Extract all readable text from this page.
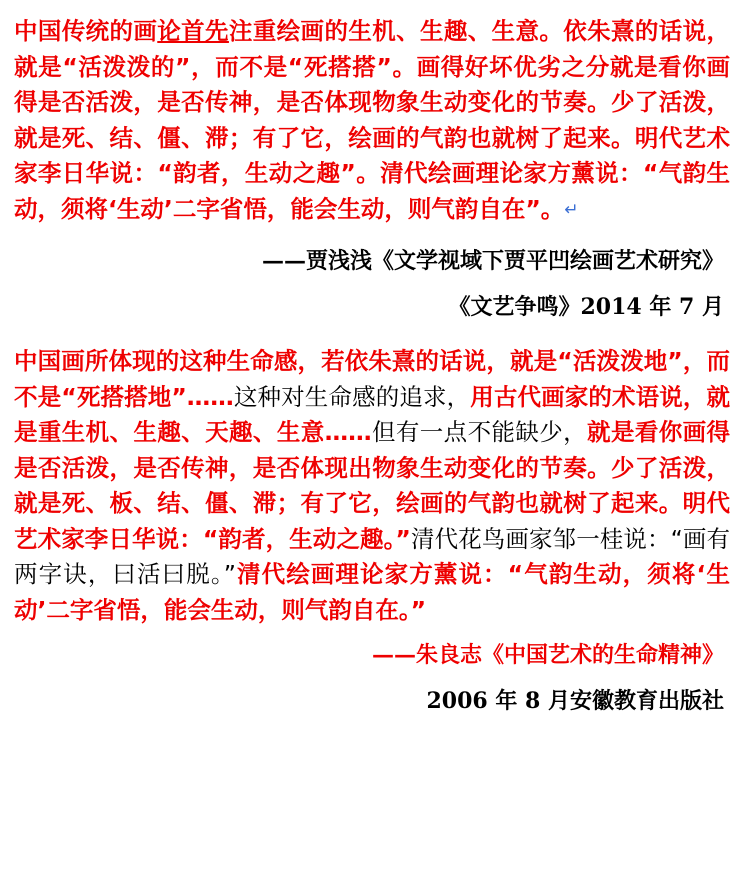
中国传统的画论首先注重绘画的生机、生趣、生意。依朱熹的话说，就是“活泼泼的”，而不是“死搭搭”。画得好坏优劣之分就是看你画得是否活泼，是否传神，是否体现物象生动变化的节奏。少了活泼，就是死、结、僵、滞；有了它，绘画的气韵也就树了起来。明代艺术家李日华说：“韵者，生动之趣”。清代绘画理论家方薰说：“气韵生动，须将‘生动’二字省悟，能会生动，则气韵自在”。↵

——贾浅浅《文学视域下贾平凹绘画艺术研究》

《文艺争鸣》2014 年 7 月

中国画所体现的这种生命感，若依朱熹的话说，就是“活泼泼地”，而不是“死搭搭地”……这种对生命感的追求，用古代画家的术语说，就是重生机、生趣、天趣、生意……但有一点不能缺少，就是看你画得是否活泼，是否传神，是否体现出物象生动变化的节奏。少了活泼，就是死、板、结、僵、滞；有了它，绘画的气韵也就树了起来。明代艺术家李日华说：“韵者，生动之趣。”清代花鸟画家邹一桂说：“画有两字诀，曰活曰脱。”清代绘画理论家方薰说：“气韵生动，须将‘生动’二字省悟，能会生动，则气韵自在。”

——朱良志《中国艺术的生命精神》

2006 年 8 月安徽教育出版社
